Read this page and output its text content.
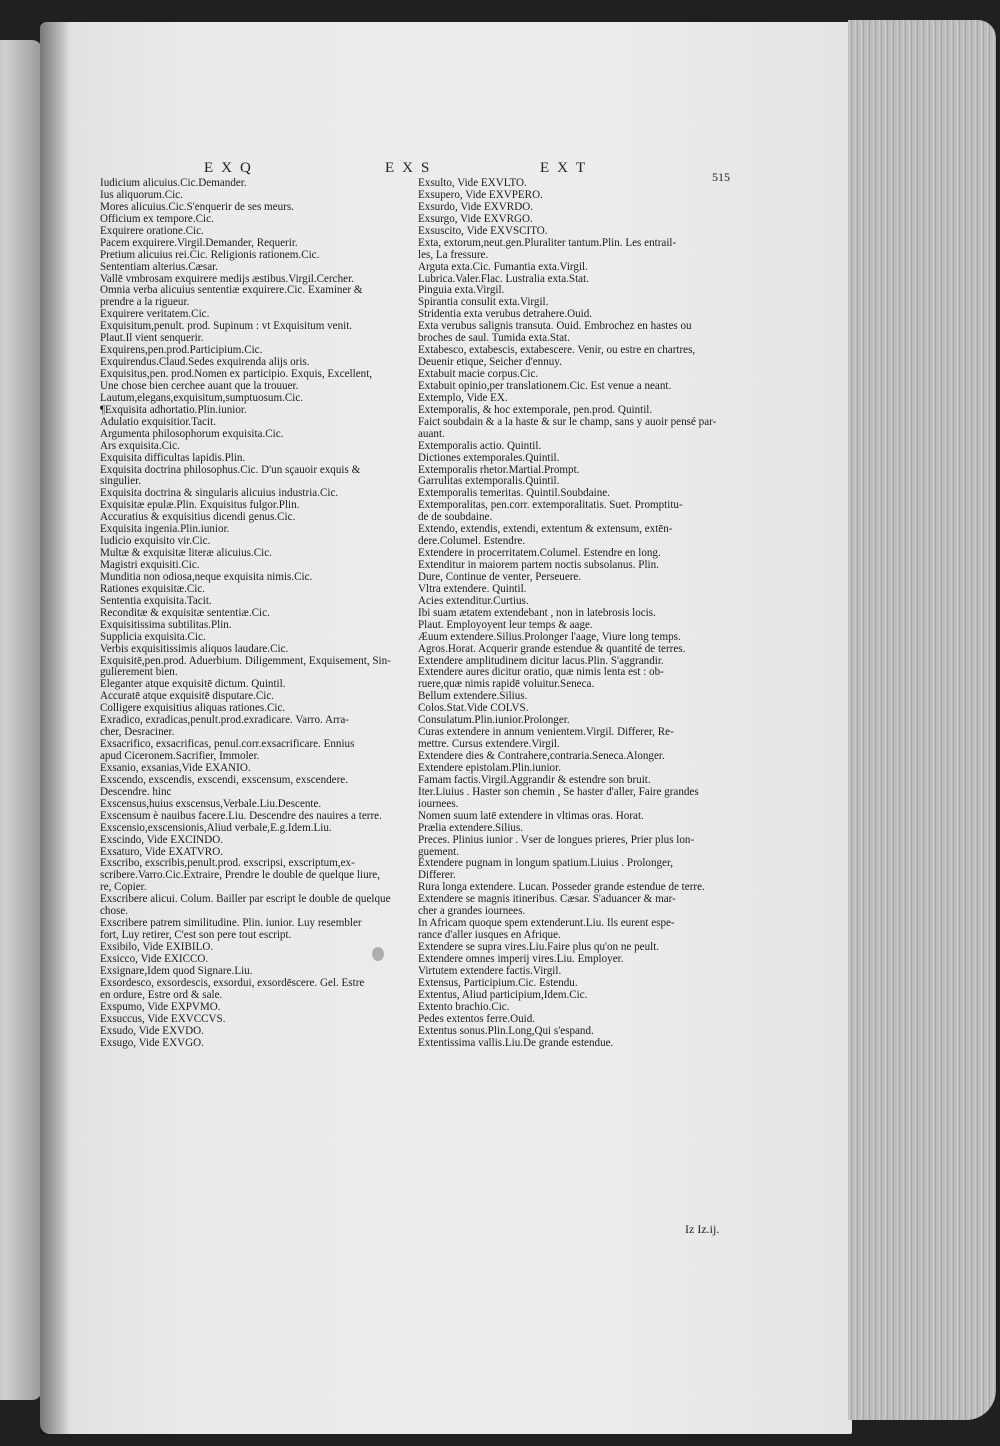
EXQ	EXS	EXT
515
Iudicium alicuius.Cic.Demander.
Ius aliquorum.Cic.
Mores alicuius.Cic.S'enquerir de ses meurs.
Officium ex tempore.Cic.
Exquirere oratione.Cic.
Pacem exquirere.Virgil.Demander, Requerir.
Pretium alicuius rei.Cic. Religionis rationem.Cic.
Sententiam alterius.Cæsar.
Vallē vmbrosam exquirere medijs æstibus.Virgil.Cercher.
Omnia verba alicuius sententiæ exquirere.Cic. Examiner &
prendre a la rigueur.
Exquirere veritatem.Cic.
Exquisitum,penult. prod. Supinum : vt Exquisitum venit.
Plaut.Il vient senquerir.
Exquirens,pen.prod.Participium.Cic.
Exquirendus.Claud.Sedes exquirenda alijs oris.
Exquisitus,pen. prod.Nomen ex participio. Exquis, Excellent,
Une chose bien cerchee auant que la trouuer.
Lautum,elegans,exquisitum,sumptuosum.Cic.
¶Exquisita adhortatio.Plin.iunior.
Adulatio exquisitior.Tacit.
Argumenta philosophorum exquisita.Cic.
Ars exquisita.Cic.
Exquisita difficultas lapidis.Plin.
Exquisita doctrina philosophus.Cic. D'un sçauoir exquis &
singulier.
Exquisita doctrina & singularis alicuius industria.Cic.
Exquisitæ epulæ.Plin. Exquisitus fulgor.Plin.
Accuratius & exquisitius dicendi genus.Cic.
Exquisita ingenia.Plin.iunior.
Iudicio exquisito vir.Cic.
Multæ & exquisitæ literæ alicuius.Cic.
Magistri exquisiti.Cic.
Munditia non odiosa,neque exquisita nimis.Cic.
Rationes exquisitæ.Cic.
Sententia exquisita.Tacit.
Reconditæ & exquisitæ sententiæ.Cic.
Exquisitissima subtilitas.Plin.
Supplicia exquisita.Cic.
Verbis exquisitissimis aliquos laudare.Cic.
Exquisitē,pen.prod. Aduerbium. Diligemment, Exquisement, Sin-
gulierement bien.
Eleganter atque exquisitē dictum. Quintil.
Accuratē atque exquisitē disputare.Cic.
Colligere exquisitius aliquas rationes.Cic.
Exradico, exradicas,penult.prod.exradicare. Varro. Arra-
cher, Desraciner.
Exsacrifico, exsacrificas, penul.corr.exsacrificare. Ennius
apud Ciceronem.Sacrifier, Immoler.
Exsanio, exsanias,Vide EXANIO.
Exscendo, exscendis, exscendi, exscensum, exscendere.
Descendre. hinc
Exscensus,huius exscensus,Verbale.Liu.Descente.
Exscensum è nauibus facere.Liu. Descendre des nauires a terre.
Exscensio,exscensionis,Aliud verbale,E.g.Idem.Liu.
Exscindo, Vide EXCINDO.
Exsaturo, Vide EXATVRO.
Exscribo, exscribis,penult.prod. exscripsi, exscriptum,ex-
scribere.Varro.Cic.Extraire, Prendre le double de quelque liure,
re, Copier.
Exscribere alicui. Colum. Bailler par escript le double de quelque
chose.
Exscribere patrem similitudine. Plin. iunior. Luy resembler
fort, Luy retirer, C'est son pere tout escript.
Exsibilo, Vide EXIBILO.
Exsicco, Vide EXICCO.
Exsignare,Idem quod Signare.Liu.
Exsordesco, exsordescis, exsordui, exsordēscere. Gel. Estre
en ordure, Estre ord & sale.
Exspumo, Vide EXPVMO.
Exsuccus, Vide EXVCCVS.
Exsudo, Vide EXVDO.
Exsugo, Vide EXVGO.
Exsulto, Vide EXVLTO.
Exsupero, Vide EXVPERO.
Exsurdo, Vide EXVRDO.
Exsurgo, Vide EXVRGO.
Exsuscito, Vide EXVSCITO.
Exta, extorum,neut.gen.Pluraliter tantum.Plin. Les entrail-
les, La fressure.
Arguta exta.Cic. Fumantia exta.Virgil.
Lubrica.Valer.Flac. Lustralia exta.Stat.
Pinguia exta.Virgil.
Spirantia consulit exta.Virgil.
Stridentia exta verubus detrahere.Ouid.
Exta verubus salignis transuta. Ouid. Embrochez en hastes ou
broches de saul. Tumida exta.Stat.
Extabesco, extabescis, extabescere. Venir, ou estre en chartres,
Deuenir etique, Seicher d'ennuy.
Extabuit macie corpus.Cic.
Extabuit opinio,per translationem.Cic. Est venue a neant.
Extemplo, Vide EX.
Extemporalis, & hoc extemporale, pen.prod. Quintil.
Faict soubdain & a la haste & sur le champ, sans y auoir pensé par-
auant.
Extemporalis actio. Quintil.
Dictiones extemporales.Quintil.
Extemporalis rhetor.Martial.Prompt.
Garrulitas extemporalis.Quintil.
Extemporalis temeritas. Quintil.Soubdaine.
Extemporalitas, pen.corr. extemporalitatis. Suet. Promptitu-
de de soubdaine.
Extendo, extendis, extendi, extentum & extensum, extēn-
dere.Columel. Estendre.
Extendere in procerritatem.Columel. Estendre en long.
Extenditur in maiorem partem noctis subsolanus. Plin.
Dure, Continue de venter, Perseuere.
Vltra extendere. Quintil.
Acies extenditur.Curtius.
Ibi suam ætatem extendebant , non in latebrosis locis.
Plaut. Employoyent leur temps & aage.
Æuum extendere.Silius.Prolonger l'aage, Viure long temps.
Agros.Horat. Acquerir grande estendue & quantité de terres.
Extendere amplitudinem dicitur lacus.Plin. S'aggrandir.
Extendere aures dicitur oratio, quæ nimis lenta est : ob-
ruere,quæ nimis rapidē voluitur.Seneca.
Bellum extendere.Silius.
Colos.Stat.Vide COLVS.
Consulatum.Plin.iunior.Prolonger.
Curas extendere in annum venientem.Virgil. Differer, Re-
mettre. Cursus extendere.Virgil.
Extendere dies & Contrahere,contraria.Seneca.Alonger.
Extendere epistolam.Plin.iunior.
Famam factis.Virgil.Aggrandir & estendre son bruit.
Iter.Liuius . Haster son chemin , Se haster d'aller, Faire grandes
iournees.
Nomen suum latē extendere in vltimas oras. Horat.
Prælia extendere.Silius.
Preces. Plinius iunior . Vser de longues prieres, Prier plus lon-
guement.
Extendere pugnam in longum spatium.Liuius . Prolonger,
Differer.
Rura longa extendere. Lucan. Posseder grande estendue de terre.
Extendere se magnis itineribus. Cæsar. S'aduancer & mar-
cher a grandes iournees.
In Africam quoque spem extenderunt.Liu. Ils eurent espe-
rance d'aller iusques en Afrique.
Extendere se supra vires.Liu.Faire plus qu'on ne peult.
Extendere omnes imperij vires.Liu. Employer.
Virtutem extendere factis.Virgil.
Extensus, Participium.Cic. Estendu.
Extentus, Aliud participium,Idem.Cic.
Extento brachio.Cic.
Pedes extentos ferre.Ouid.
Extentus sonus.Plin.Long,Qui s'espand.
Extentissima vallis.Liu.De grande estendue.
Iz Iz.ij.
